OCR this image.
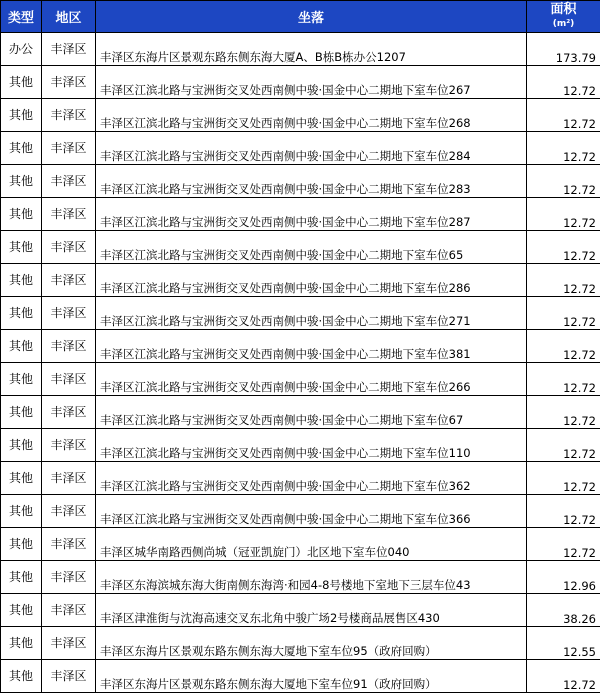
类型	地区	坐落	面积
(m²)

办公	丰泽区	丰泽区东海片区景观东路东侧东海大厦A、B栋B栋办公1207	173.79
其他	丰泽区	丰泽区江滨北路与宝洲街交叉处西南侧中骏·国金中心二期地下室车位267	12.72
其他	丰泽区	丰泽区江滨北路与宝洲街交叉处西南侧中骏·国金中心二期地下室车位268	12.72
其他	丰泽区	丰泽区江滨北路与宝洲街交叉处西南侧中骏·国金中心二期地下室车位284	12.72
其他	丰泽区	丰泽区江滨北路与宝洲街交叉处西南侧中骏·国金中心二期地下室车位283	12.72
其他	丰泽区	丰泽区江滨北路与宝洲街交叉处西南侧中骏·国金中心二期地下室车位287	12.72
其他	丰泽区	丰泽区江滨北路与宝洲街交叉处西南侧中骏·国金中心二期地下室车位65	12.72
其他	丰泽区	丰泽区江滨北路与宝洲街交叉处西南侧中骏·国金中心二期地下室车位286	12.72
其他	丰泽区	丰泽区江滨北路与宝洲街交叉处西南侧中骏·国金中心二期地下室车位271	12.72
其他	丰泽区	丰泽区江滨北路与宝洲街交叉处西南侧中骏·国金中心二期地下室车位381	12.72
其他	丰泽区	丰泽区江滨北路与宝洲街交叉处西南侧中骏·国金中心二期地下室车位266	12.72
其他	丰泽区	丰泽区江滨北路与宝洲街交叉处西南侧中骏·国金中心二期地下室车位67	12.72
其他	丰泽区	丰泽区江滨北路与宝洲街交叉处西南侧中骏·国金中心二期地下室车位110	12.72
其他	丰泽区	丰泽区江滨北路与宝洲街交叉处西南侧中骏·国金中心二期地下室车位362	12.72
其他	丰泽区	丰泽区江滨北路与宝洲街交叉处西南侧中骏·国金中心二期地下室车位366	12.72
其他	丰泽区	丰泽区城华南路西侧尚城（冠亚凯旋门）北区地下室车位040	12.72
其他	丰泽区	丰泽区东海滨城东海大街南侧东海湾·和园4-8号楼地下室地下三层车位43	12.96
其他	丰泽区	丰泽区津淮街与沈海高速交叉东北角中骏广场2号楼商品展售区430	38.26
其他	丰泽区	丰泽区东海片区景观东路东侧东海大厦地下室车位95（政府回购）	12.55
其他	丰泽区	丰泽区东海片区景观东路东侧东海大厦地下室车位91（政府回购）	12.72
